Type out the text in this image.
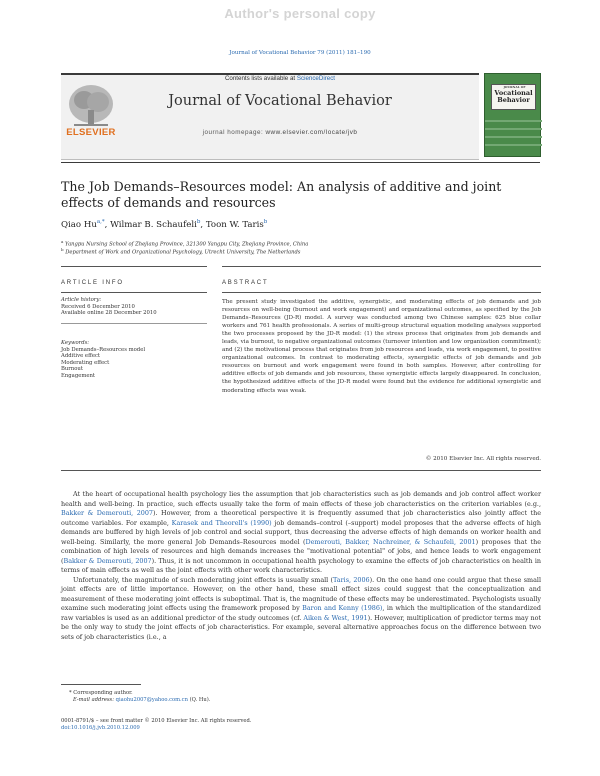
Author's personal copy
Journal of Vocational Behavior 79 (2011) 181–190
ELSEVIER
Contents lists available at ScienceDirect
Journal of Vocational Behavior
journal homepage: www.elsevier.com/locate/jvb
JOURNAL OF
Vocational Behavior
The Job Demands–Resources model: An analysis of additive and joint effects of demands and resources
Qiao $Hu^{a,*}$, Wilmar B. Schaufeli$^b$, Toon W. Taris$^b$
$^a$ Yangpu Nursing School of Zhejiang Province, 321300 Yangpu City, Zhejiang Province, China
$^b$ Department of Work and Organizational Psychology, Utrecht University, The Netherlands
ARTICLE INFO
Article history:
Received 6 December 2010
Available online 28 December 2010
Keywords:
Job Demands–Resources model
Additive effect
Moderating effect
Burnout
Engagement
ABSTRACT
The present study investigated the additive, synergistic, and moderating effects of job demands and job resources on well-being (burnout and work engagement) and organizational outcomes, as specified by the Job Demands–Resources (JD-R) model. A survey was conducted among two Chinese samples: 625 blue collar workers and 761 health professionals. A series of multi-group structural equation modeling analyses supported the two processes proposed by the JD-R model: (1) the stress process that originates from job demands and leads, via burnout, to negative organizational outcomes (turnover intention and low organization commitment); and (2) the motivational process that originates from job resources and leads, via work engagement, to positive organizational outcomes. In contrast to moderating effects, synergistic effects of job demands and job resources on burnout and work engagement were found in both samples. However, after controlling for additive effects of job demands and job resources, these synergistic effects largely disappeared. In conclusion, the hypothesized additive effects of the JD-R model were found but the evidence for additional synergistic and moderating effects was weak.
© 2010 Elsevier Inc. All rights reserved.

At the heart of occupational health psychology lies the assumption that job characteristics such as job demands and job control affect worker health and well-being. In practice, such effects usually take the form of main effects of these job characteristics on the criterion variables (e.g., Bakker & Demerouti, 2007). However, from a theoretical perspective it is frequently assumed that job characteristics also jointly affect the outcome variables. For example, Karasek and Theorell's (1990) job demands–control (–support) model proposes that the adverse effects of high demands are buffered by high levels of job control and social support, thus decreasing the adverse effects of high demands on worker health and well-being. Similarly, the more general Job Demands–Resources model (Demerouti, Bakker, Nachreiner, & Schaufeli, 2001) proposes that the combination of high levels of resources and high demands increases the "motivational potential" of jobs, and hence leads to work engagement (Bakker & Demerouti, 2007). Thus, it is not uncommon in occupational health psychology to examine the effects of job characteristics on health in terms of main effects as well as the joint effects with other work characteristics.

Unfortunately, the magnitude of such moderating joint effects is usually small (Taris, 2006). On the one hand one could argue that these small joint effects are of little importance. However, on the other hand, these small effect sizes could suggest that the conceptualization and measurement of these moderating joint effects is suboptimal. That is, the magnitude of these effects may be underestimated. Psychologists usually examine such moderating joint effects using the framework proposed by Baron and Kenny (1986), in which the multiplication of the standardized raw variables is used as an additional predictor of the study outcomes (cf. Aiken & West, 1991). However, multiplication of predictor terms may not be the only way to study the joint effects of job characteristics. For example, several alternative approaches focus on the difference between two sets of job characteristics (i.e., a

* Corresponding author.
E-mail address: qiaohu2007@yahoo.com.cn (Q. Hu).
0001-8791/$ – see front matter © 2010 Elsevier Inc. All rights reserved.
doi:10.1016/j.jvb.2010.12.009
